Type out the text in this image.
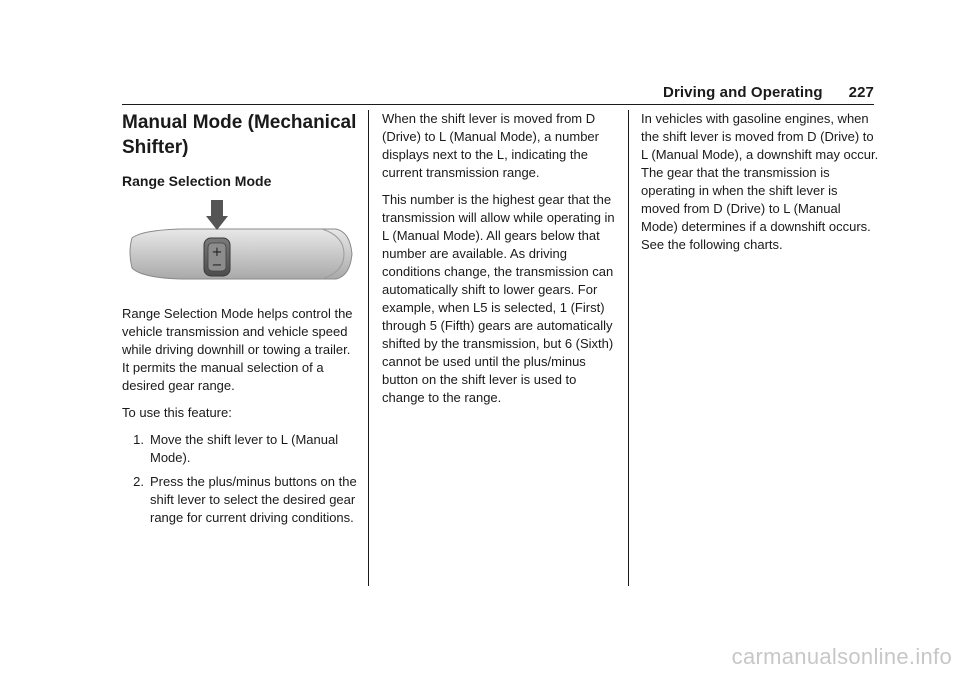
Driving and Operating 227
Manual Mode (Mechanical Shifter)
Range Selection Mode
+
−

Range Selection Mode helps control the vehicle transmission and vehicle speed while driving downhill or towing a trailer. It permits the manual selection of a desired gear range.

To use this feature:

1. Move the shift lever to L (Manual Mode).
2. Press the plus/minus buttons on the shift lever to select the desired gear range for current driving conditions.

When the shift lever is moved from D (Drive) to L (Manual Mode), a number displays next to the L, indicating the current transmission range.

This number is the highest gear that the transmission will allow while operating in L (Manual Mode). All gears below that number are available. As driving conditions change, the transmission can automatically shift to lower gears. For example, when L5 is selected, 1 (First) through 5 (Fifth) gears are automatically shifted by the transmission, but 6 (Sixth) cannot be used until the plus/minus button on the shift lever is used to change to the range.

In vehicles with gasoline engines, when the shift lever is moved from D (Drive) to L (Manual Mode), a downshift may occur. The gear that the transmission is operating in when the shift lever is moved from D (Drive) to L (Manual Mode) determines if a downshift occurs. See the following charts.

carmanualsonline.info
